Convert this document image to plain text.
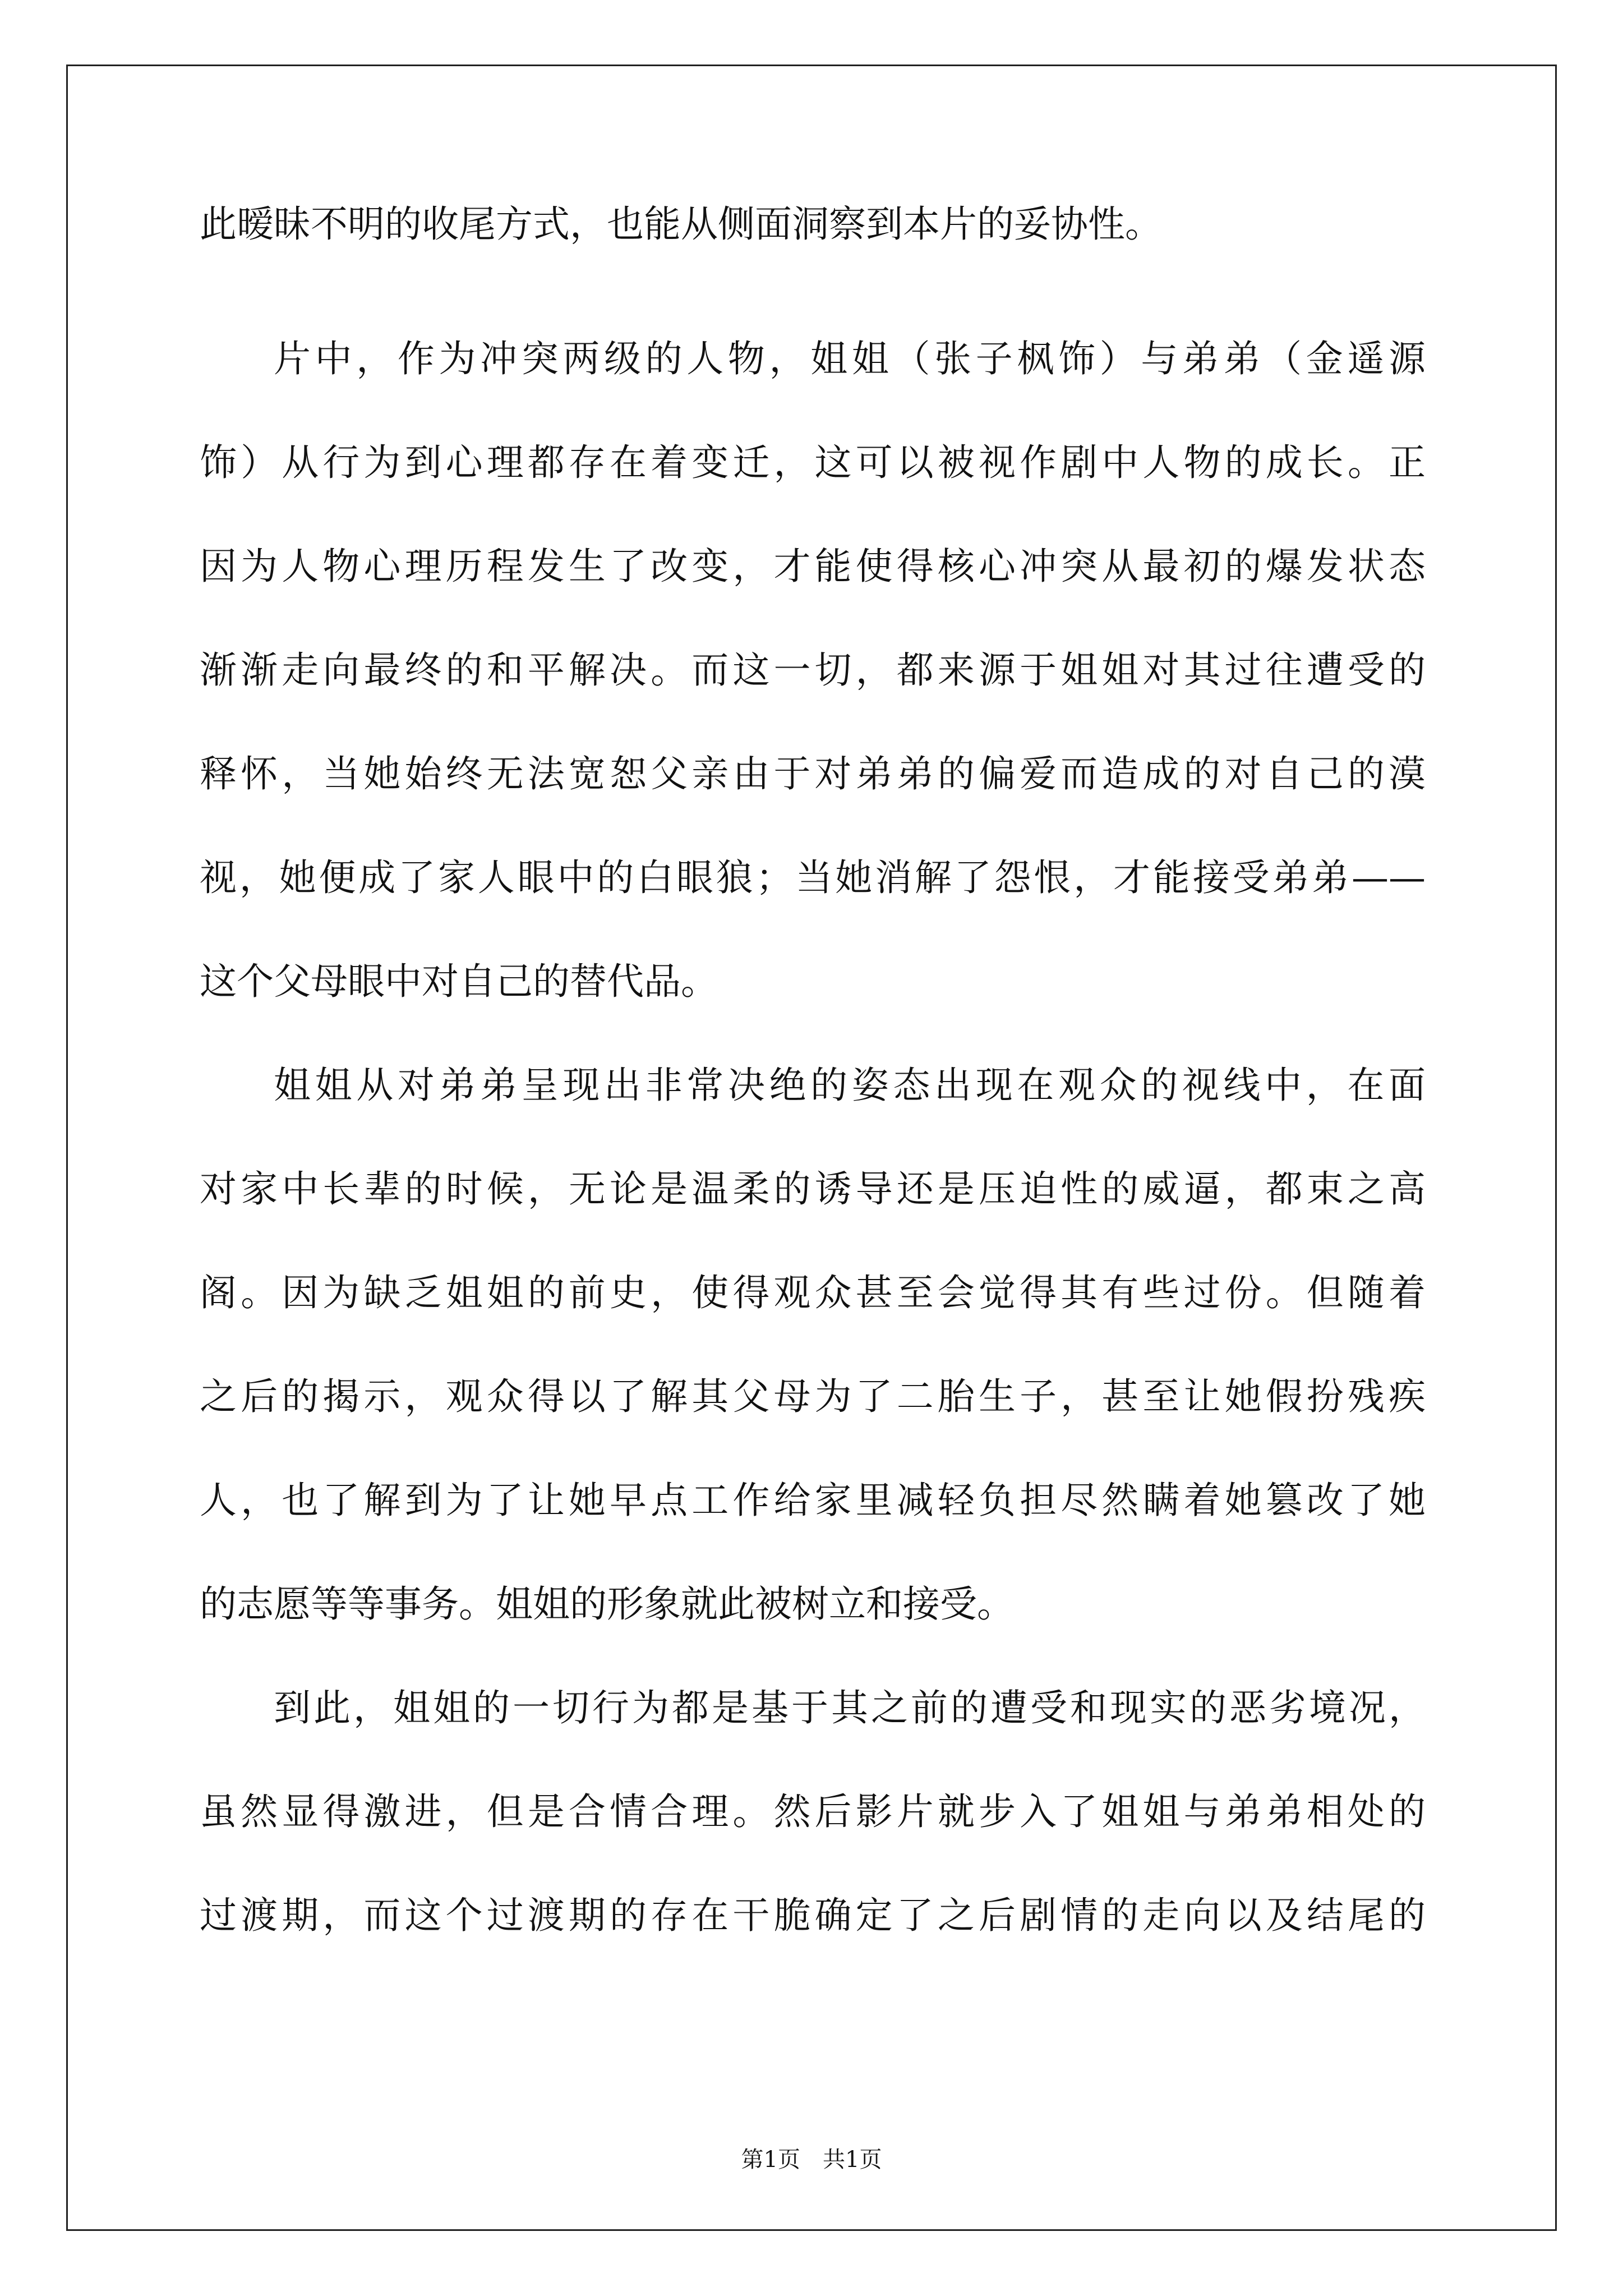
此暧昧不明的收尾方式，也能从侧面洞察到本片的妥协性。
片中，作为冲突两级的人物，姐姐（张子枫饰）与弟弟（金遥源
饰）从行为到心理都存在着变迁，这可以被视作剧中人物的成长。正
因为人物心理历程发生了改变，才能使得核心冲突从最初的爆发状态
渐渐走向最终的和平解决。而这一切，都来源于姐姐对其过往遭受的
释怀，当她始终无法宽恕父亲由于对弟弟的偏爱而造成的对自己的漠
视，她便成了家人眼中的白眼狼；当她消解了怨恨，才能接受弟弟——
这个父母眼中对自己的替代品。
姐姐从对弟弟呈现出非常决绝的姿态出现在观众的视线中，在面
对家中长辈的时候，无论是温柔的诱导还是压迫性的威逼，都束之高
阁。因为缺乏姐姐的前史，使得观众甚至会觉得其有些过份。但随着
之后的揭示，观众得以了解其父母为了二胎生子，甚至让她假扮残疾
人，也了解到为了让她早点工作给家里减轻负担尽然瞒着她篡改了她
的志愿等等事务。姐姐的形象就此被树立和接受。
到此，姐姐的一切行为都是基于其之前的遭受和现实的恶劣境况，
虽然显得激进，但是合情合理。然后影片就步入了姐姐与弟弟相处的
过渡期，而这个过渡期的存在干脆确定了之后剧情的走向以及结尾的
第1页　共1页
